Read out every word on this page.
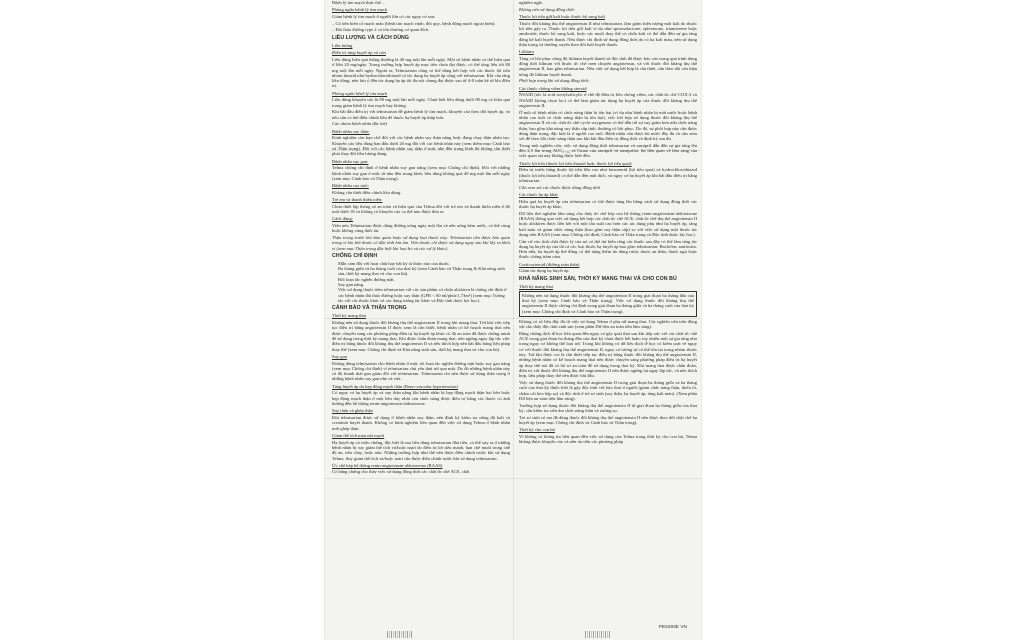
Bệnh lý tim mạch thực thể ...

Phòng ngừa bệnh lý tim mạch

Giảm bệnh lý tim mạch ở người lớn có các nguy cơ sau:

– Có tiền biến cố mạch máu (bệnh tim mạch vành, đột quỵ, bệnh động mạch ngoại biên).

– Đái tháo đường type 2 có tổn thương cơ quan đích.

LIỀU LƯỢNG VÀ CÁCH DÙNG

Liều lượng

Điều trị tăng huyết áp vô căn

Liều dùng hiệu quả thông thường là 40 mg một lần mỗi ngày. Một số bệnh nhân có thể hiệu quả ở liều 20 mg/ngày. Trong trường hợp huyết áp mục tiêu chưa đạt được, có thể tăng liều tới 80 mg một lần mỗi ngày. Ngoài ra, Telmisartan cũng có thể dùng kết hợp với các thuốc lợi tiểu nhóm thiazid như hydrochlorothiazid có tác dụng hạ huyết áp cộng với telmisartan. Khi cân tăng liều dùng, nên lưu ý đến tác dụng hạ áp tối đa nói chung đạt được sau từ 4-8 tuần kể từ khi điều trị.

Phòng ngừa bệnh lý tim mạch

Liều dùng khuyến cáo là 80 mg một lần mỗi ngày. Chưa biết liều dùng dưới 80 mg có hiệu quả trong giảm bệnh lý tim mạch hay không.

Khi bắt đầu điều trị với telmisartan để giảm bệnh lý tim mạch, khuyến cáo theo dõi huyết áp, và nếu cần có thể điều chỉnh liều để thuốc hạ huyết áp thấp hơn.

Các nhóm bệnh nhân đặc biệt

Bệnh nhân suy thận:

Kinh nghiệm còn hạn chế đối với các bệnh nhân suy thận nặng hoặc đang chạy thận nhân tạo. Khuyến cáo liều dùng ban đầu dưới 20 mg đối với các bệnh nhân này (xem thêm mục Cảnh báo và Thận trọng). Đối với các bệnh nhân suy thận ở mức nhẹ đến trung bình thì không cần thiết phải thay đổi liều lượng dùng.

Bệnh nhân suy gan:

Telma chống chỉ định ở bệnh nhân suy gan nặng (xem mục Chống chỉ định). Đối với những bệnh nhân suy gan ở mức từ nhẹ đến trung bình, liều dùng không quá 40 mg một lần mỗi ngày (xem mục Cảnh báo và Thận trọng).

Bệnh nhân cao tuổi:

Không cần thiết điều chỉnh liều dùng.

Trẻ em và thanh thiếu niên:

Chưa thiết lập thông số an toàn và hiệu quả của Telma đối với trẻ em và thanh thiếu niên ở độ tuổi dưới 18 và không có khuyến cáo cụ thể nào được đưa ra.

Cách dùng:

Viên nén Telmisartan được dùng đường uống ngày một lần và nên uống kèm nước, có thể cùng hoặc không cùng thức ăn.

Thận trọng trước khi bảo quản hoặc sử dụng loại thuốc này: Telmisartan cần được bảo quản trong vỉ kín bởi thuốc có đặc tính hút ẩm. Viên thuốc chỉ được sử dụng ngay sau khi lấy ra khỏi vỉ (xem mục Thận trọng đặc biệt khi loại bỏ và các xử lý khác).

CHỐNG CHỈ ĐỊNH
• Mẫn cảm đối với hoạt chất hay bất kỳ tá dược nào của thuốc.
• Ba tháng giữa và ba tháng cuối của thai kỳ (xem Cảnh báo và Thận trọng & Khả năng sinh sản, thời kỳ mang thai và cho con bú).
• Rối loạn tắc nghẽn đường mật.
• Suy gan nặng.
• Việc sử dụng thuốc tiêm telmisartan với các sản phẩm có chứa aliskiren là chống chỉ định ở các bệnh nhân đái tháo đường hoặc suy thận (GFR < 60 ml/phút/1,73m²) (xem mục Tương tác với các thuốc khác và các dạng tương tác khác và Đặc tính dược lực học).
CẢNH BÁO VÀ THẬN TRỌNG

Thời kỳ mang thai

Không nên sử dụng thuốc đối kháng thụ thể angiotensin II trong khi mang thai. Trừ khi việc tiếp tục điều trị bằng angiotensin II được xem là cần thiết, bệnh nhân có kế hoạch mang thai nên được chuyển sang các phương pháp điều trị hạ huyết áp khác có độ an toàn đã được chứng minh để sử dụng trong thời kỳ mang thai. Khi được chẩn đoán mang thai, nên ngừng ngay lập tức việc điều trị bằng thuốc đối kháng thụ thể angiotensin II và nếu thích hợp nên bắt đầu bằng liệu pháp thay thế (xem mục Chống chỉ định và Khả năng sinh sản, thời kỳ mang thai và cho con bú).

Suy gan

Không dùng telmisartan cho bệnh nhân ứ mật, rối loạn tắc nghẽn đường mật hoặc suy gan nặng (xem mục Chống chỉ định) vì telmisartan chủ yếu thải trừ qua mật. Do đó những bệnh nhân này có độ thanh thải gan giảm đối với telmisartan. Telmisartan chỉ nên được sử dụng thận trọng ở những bệnh nhân suy gan nhẹ và vừa.

Tăng huyết áp do hẹp động mạch thận (Reno-vascular hypertension)

Có nguy cơ hạ huyết áp và suy thận nặng khi bệnh nhân bị hẹp động mạch thận hai bên hoặc hẹp động mạch thận ở một bên duy nhất còn chức năng được điều trị bằng các thuốc có ảnh hưởng đến hệ thống renin-angiotensin-aldosterone.

Suy thận và ghép thận

Khi telmisartan được sử dụng ở bệnh nhân suy thận, nên định kỳ kiểm tra nồng độ kali và creatinin huyết thanh. Không có kinh nghiệm liên quan đến việc sử dụng Telma ở bệnh nhân mới ghép thận.

Giảm thể tích máu nội mạch

Hạ huyết áp có triệu chứng, đặc biệt là sau liều dùng telmisartan đầu tiên, có thể xảy ra ở những bệnh nhân bị suy giảm thể tích và/hoặc natri do điều trị lợi tiểu mạnh, hạn chế muối trong chế độ ăn, tiêu chảy, hoặc nôn. Những trường hợp như thế nên được điều chỉnh trước khi sử dụng Telma. Suy giảm thể tích và/hoặc natri cần được điều chỉnh trước khi sử dụng telmisartan.

Ức chế kép hệ thống renin-angiotensin-aldosterone (RAAS)

Có bằng chứng cho thấy việc sử dụng đồng thời các chất ức chế ACE, chất

nghiêm ngặt.

Không nên sử dụng đồng thời:

Thuốc lợi tiểu giữ kali hoặc thuốc bổ sung kali

Thuốc đối kháng thụ thể angiotensin II như telmisartan, làm giảm hiện tượng mất kali do thuốc lợi tiểu gây ra. Thuốc lợi tiểu giữ kali ví dụ như spironolactone, eplerenone, triamterene hoặc amiloride, thuốc bổ sung kali, hoặc các muối thay thế có chứa kali có thể dẫn đến sự gia tăng đáng kể kali huyết thanh. Nếu được chỉ định sử dụng đồng thời do có hạ kali máu, nên sử dụng thận trọng và thường xuyên theo dõi kali huyết thanh.

Lithium

Tăng có hồi phục nồng độ lithium huyết thanh và độc tính đã được báo cáo trong quá trình dùng đồng thời lithium với thuốc ức chế men chuyển angiotensin, và với thuốc đối kháng thụ thể angiotensin II, bao gồm telmisartan. Nếu việc sử dụng kết hợp là cần thiết, cần theo dõi cẩn thận nồng độ lithium huyết thanh.

Phối hợp trong khi sử dụng đồng thời:

Các thuốc chống viêm không steroid

NSAID (tức là acid acetylsalicylic ở chế độ điều trị liều chống viêm, các chất ức chế COX-2 và NSAID không chọn lọc) có thể làm giảm tác dụng hạ huyết áp của thuốc đối kháng thụ thể angiotensin II.

Ở một số bệnh nhân có chức năng thận bị tổn hại (ví dụ như bệnh nhân bị mất nước hoặc bệnh nhân cao tuổi có chức năng thận bị tổn hại), việc kết hợp sử dụng thuốc đối kháng thụ thể angiotensin II và các chất ức chế cyclo-oxygenase có thể dẫn tới sự suy giảm hơn nữa chức năng thận, bao gồm khả năng suy thận cấp tính, thường có hồi phục. Do đó, sự phối hợp này cần được dùng thận trọng, đặc biệt là ở người cao tuổi. Bệnh nhân cần được bù nước đầy đủ và cần xem xét để theo dõi chức năng thận sau khi bắt đầu điều trị đồng thời và định kỳ sau đó.

Trong một nghiên cứu, việc sử dụng đồng thời telmisartan và ramipril dẫn đến sự gia tăng lên đến 2,5 lần trong AUC₀₋₂₄ và Cmax của ramipril và ramiprilat. Sự liên quan về lâm sàng của việc quan sát này không được biết đến.

Thuốc lợi tiểu (thuốc lợi tiểu thiazid hoặc thuốc lợi tiểu quai)

Điều trị trước bằng thuốc lợi tiểu liều cao như furosemid (lợi tiểu quai) và hydrochlorothiazid (thuốc lợi tiểu thiazid) có thể dẫn đến mất dịch, và nguy cơ hạ huyết áp khi bắt đầu điều trị bằng telmisartan.

Cần xem xét các thuốc được dùng đồng thời

Các thuốc hạ áp khác

Hiệu quả hạ huyết áp của telmisartan có thể được tăng lên bằng cách sử dụng đồng thời các thuốc hạ huyết áp khác.

Dữ liệu thử nghiệm lâm sàng cho thấy ức chế kép của hệ thống renin-angiotensin-aldosterone (RAAS) thông qua việc sử dụng kết hợp các chất ức chế ACE, chất ức chế thụ thể angiotensin II hoặc aliskiren được liên kết với một tần suất cao hơn các tác dụng phụ như hạ huyết áp, tăng kali máu và giảm chức năng thận (bao gồm suy thận cấp) so với việc sử dụng một thuốc tác dụng trên RAAS (xem mục Chống chỉ định, Cảnh báo và Thận trọng và Đặc tính dược lực học).

Căn cứ vào tính chất được lý của nó có thể dự kiến rằng các thuốc sau đây có thể làm tăng tác dụng hạ huyết áp của tất cả các loại thuốc hạ huyết áp bao gồm telmisartan: Baclofen, amifostin. Hơn nữa, hạ huyết áp thế đứng có thể nặng thêm do dùng rượu, thuốc an thần, thuốc ngủ hoặc thuốc chống trầm cảm.

Corticosteroid (đường toàn thân)

Giảm tác dụng hạ huyết áp.

KHẢ NĂNG SINH SẢN, THỜI KỲ MANG THAI VÀ CHO CON BÚ

Thời kỳ mang thai

Không nên sử dụng thuốc đối kháng thụ thể angiotensin II trong giai đoạn ba tháng đầu của thai kỳ (xem mục Cảnh báo và Thận trọng). Việc sử dụng thuốc đối kháng thụ thể angiotensin II được chống chỉ định trong giai đoạn ba tháng giữa và ba tháng cuối của thai kỳ (xem mục Chống chỉ định và Cảnh báo và Thận trọng).

Không có số liệu đầy đủ từ việc sử dụng Telma ở phụ nữ mang thai. Các nghiên cứu trên động vật cho thấy độc tính sinh sản (xem phần Dữ liệu an toàn tiền lâm sàng).

Bằng chứng dịch tễ học liên quan đến nguy cơ gây quái thai sau khi tiếp xúc với các chất ức chế ACE trong giai đoạn ba tháng đầu của thai kỳ chưa được kết luận; tuy nhiên một sự gia tăng nhỏ trong nguy cơ không thể loại trừ. Trong khi không có dữ liệu dịch tễ học có kiểm soát về nguy cơ với thuốc đối kháng thụ thể angiotensin II, nguy cơ tương tự có thể tồn tại trong nhóm thuốc này. Trừ khi được coi là cần thiết tiếp tục điều trị bằng thuốc đối kháng thụ thể angiotensin II, những bệnh nhân có kế hoạch mang thai nên được chuyển sang phương pháp điều trị hạ huyết áp thay thế mà đã có hồ sơ an toàn để sử dụng trong thai kỳ. Khi mang thai được chẩn đoán, điều trị với thuốc đối kháng thụ thể angiotensin II nên được ngừng lại ngay lập tức, và nếu thích hợp, liệu pháp thay thế nên được bắt đầu.

Việc sử dụng thuốc đối kháng thụ thể angiotensin II trong giai đoạn ba tháng giữa và ba tháng cuối của thai kỳ được biết là gây độc tính với bào thai ở người (giảm chức năng thận, thiểu ối, chậm cốt hóa hộp sọ) và độc tính ở trẻ sơ sinh (suy thận, hạ huyết áp, tăng kali máu). (Xem phần Dữ liệu an toàn tiền lâm sàng).

Trường hợp sử dụng thuốc đối kháng thụ thể angiotensin II từ giai đoạn ba tháng giữa của thai kỳ, cần kiểm tra siêu âm chức năng thận và xương sọ.

Trẻ sơ sinh có mẹ đã dùng thuốc đối kháng thụ thể angiotensin II nên được theo dõi chặt chẽ hạ huyết áp (xem mục Chống chỉ định và Cảnh báo và Thận trọng).

Thời kỳ cho con bú

Vì không có thông tin liên quan đến việc sử dụng của Telma trong thời kỳ cho con bú, Telma không được khuyến cáo và nên ưu tiên các phương pháp

PE5393E VN
